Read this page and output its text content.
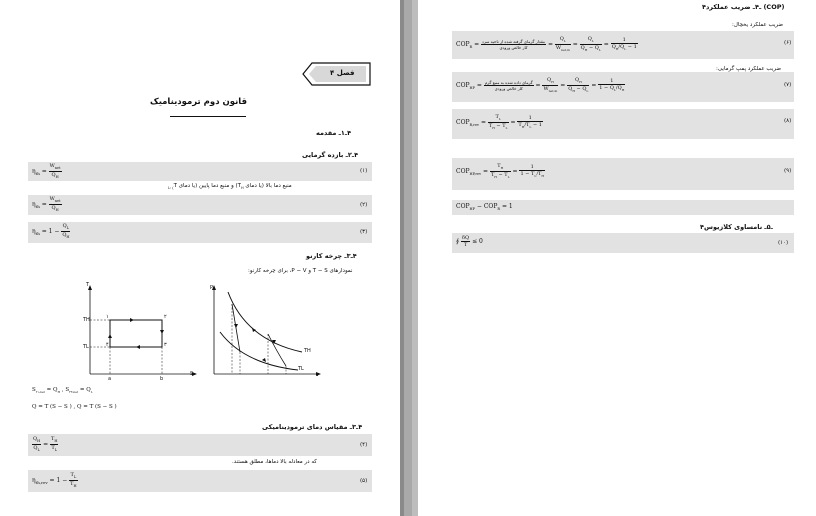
فصل ۴
قانون دوم ترمودینامیک
۴ـ۱ـ مقدمه
۴ـ۲ـ بازده گرمایی
$\eta_{th} = \frac{W_{net}}{Q_H}$	(۱)
منبع دما بالا (یا دمای $T_H$) و منبع دما پایین (یا دمای $T_{) :L}$
$\eta_{th} = \frac{W_{net}}{Q_H}$	(۲)
$\eta_{th} = 1 - \frac{Q_L}{Q_H}$	(۳)
۴ـ۳ـ چرخه کارنو
نمودارهای T − S و P − V، برای چرخه کارنو:
T
S
TH
TL
a	b
۱	۲
۳
۴
P
v
TH
TL
$S_{۲ـ۱net} = Q_H$ , $S_{۴ـ۳net} = Q_L$
Q = T (S − S ) , Q = T (S − S )
۴ـ۳ـ مقیاس دمای ترمودینامیکی
$\frac{Q_H}{Q_L} = \frac{T_H}{T_L}$	(۴)
که در معادله بالا دماها، مطلق هستند.
$\eta_{th,rev} = 1 - \frac{T_L}{T_H}$	(۵)
۴ـ۴ـ ضریب عملکرد (COP)
ضریب عملکرد یخچال:
$COP_R = \frac{\text{مقدار گرمای گرفته شده از ناحیه سرد}}{\text{کار خالص ورودی}} = \frac{Q_L}{W_{net,in}} = \frac{Q_L}{Q_H - Q_L} = \frac{1}{Q_H/Q_L - 1}$	(۶)
ضریب عملکرد پمپ گرمایی:
$COP_{HP} = \frac{\text{گرمای داده شده به منبع گرم}}{\text{کار خالص ورودی}} = \frac{Q_H}{W_{net,in}} = \frac{Q_H}{Q_H - Q_L} = \frac{1}{1 - Q_L/Q_H}$	(۷)
$COP_{R,rev} = \frac{T_L}{T_H - T_L} = \frac{1}{T_H/T_L - 1}$	(۸)
$COP_{HP,rev} = \frac{T_H}{T_H - T_L} = \frac{1}{1 - T_L/T_H}$	(۹)
$COP_{HP} - COP_R = 1$
۴ـ۵ـ نامساوی کلازیوس
∮ $\frac{\delta Q}{T} \le 0$	(۱۰)
